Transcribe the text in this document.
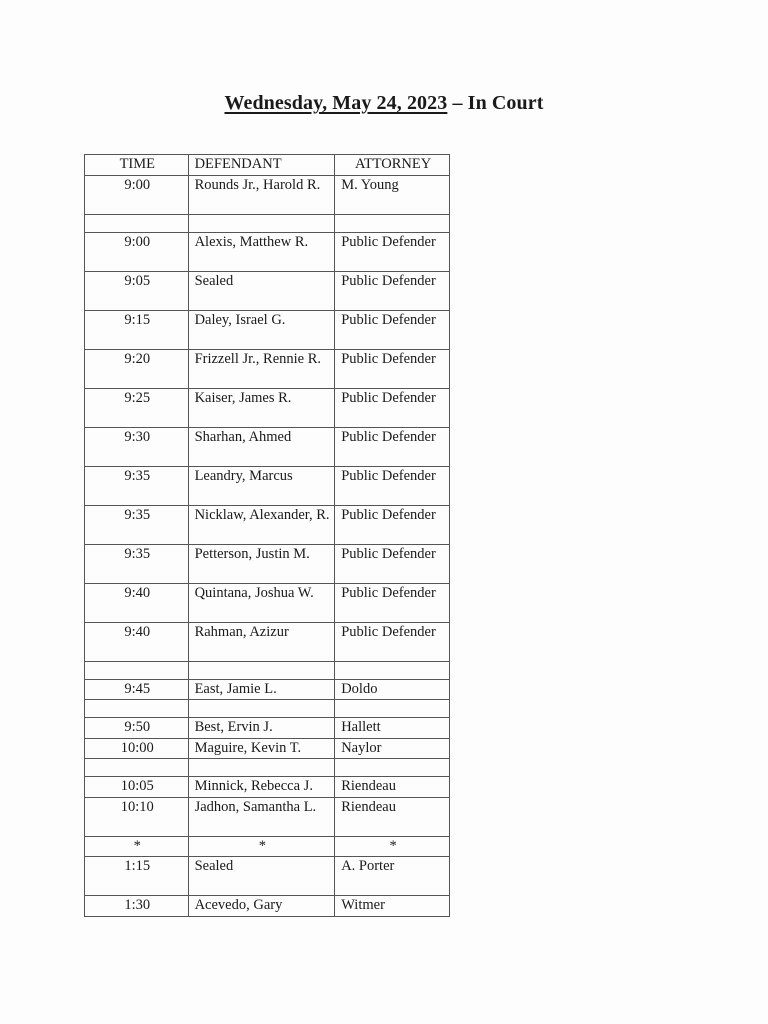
Wednesday, May 24, 2023 – In Court
TIME	DEFENDANT	ATTORNEY
9:00	Rounds Jr., Harold R.	M. Young

9:00	Alexis, Matthew R.	Public Defender
9:05	Sealed	Public Defender
9:15	Daley, Israel G.	Public Defender
9:20	Frizzell Jr., Rennie R.	Public Defender
9:25	Kaiser, James R.	Public Defender
9:30	Sharhan, Ahmed	Public Defender
9:35	Leandry, Marcus	Public Defender
9:35	Nicklaw, Alexander, R.	Public Defender
9:35	Petterson, Justin M.	Public Defender
9:40	Quintana, Joshua W.	Public Defender
9:40	Rahman, Azizur	Public Defender

9:45	East, Jamie L.	Doldo

9:50	Best, Ervin J.	Hallett
10:00	Maguire, Kevin T.	Naylor

10:05	Minnick, Rebecca J.	Riendeau
10:10	Jadhon, Samantha L.	Riendeau
*	*	*
1:15	Sealed	A. Porter
1:30	Acevedo, Gary	Witmer
